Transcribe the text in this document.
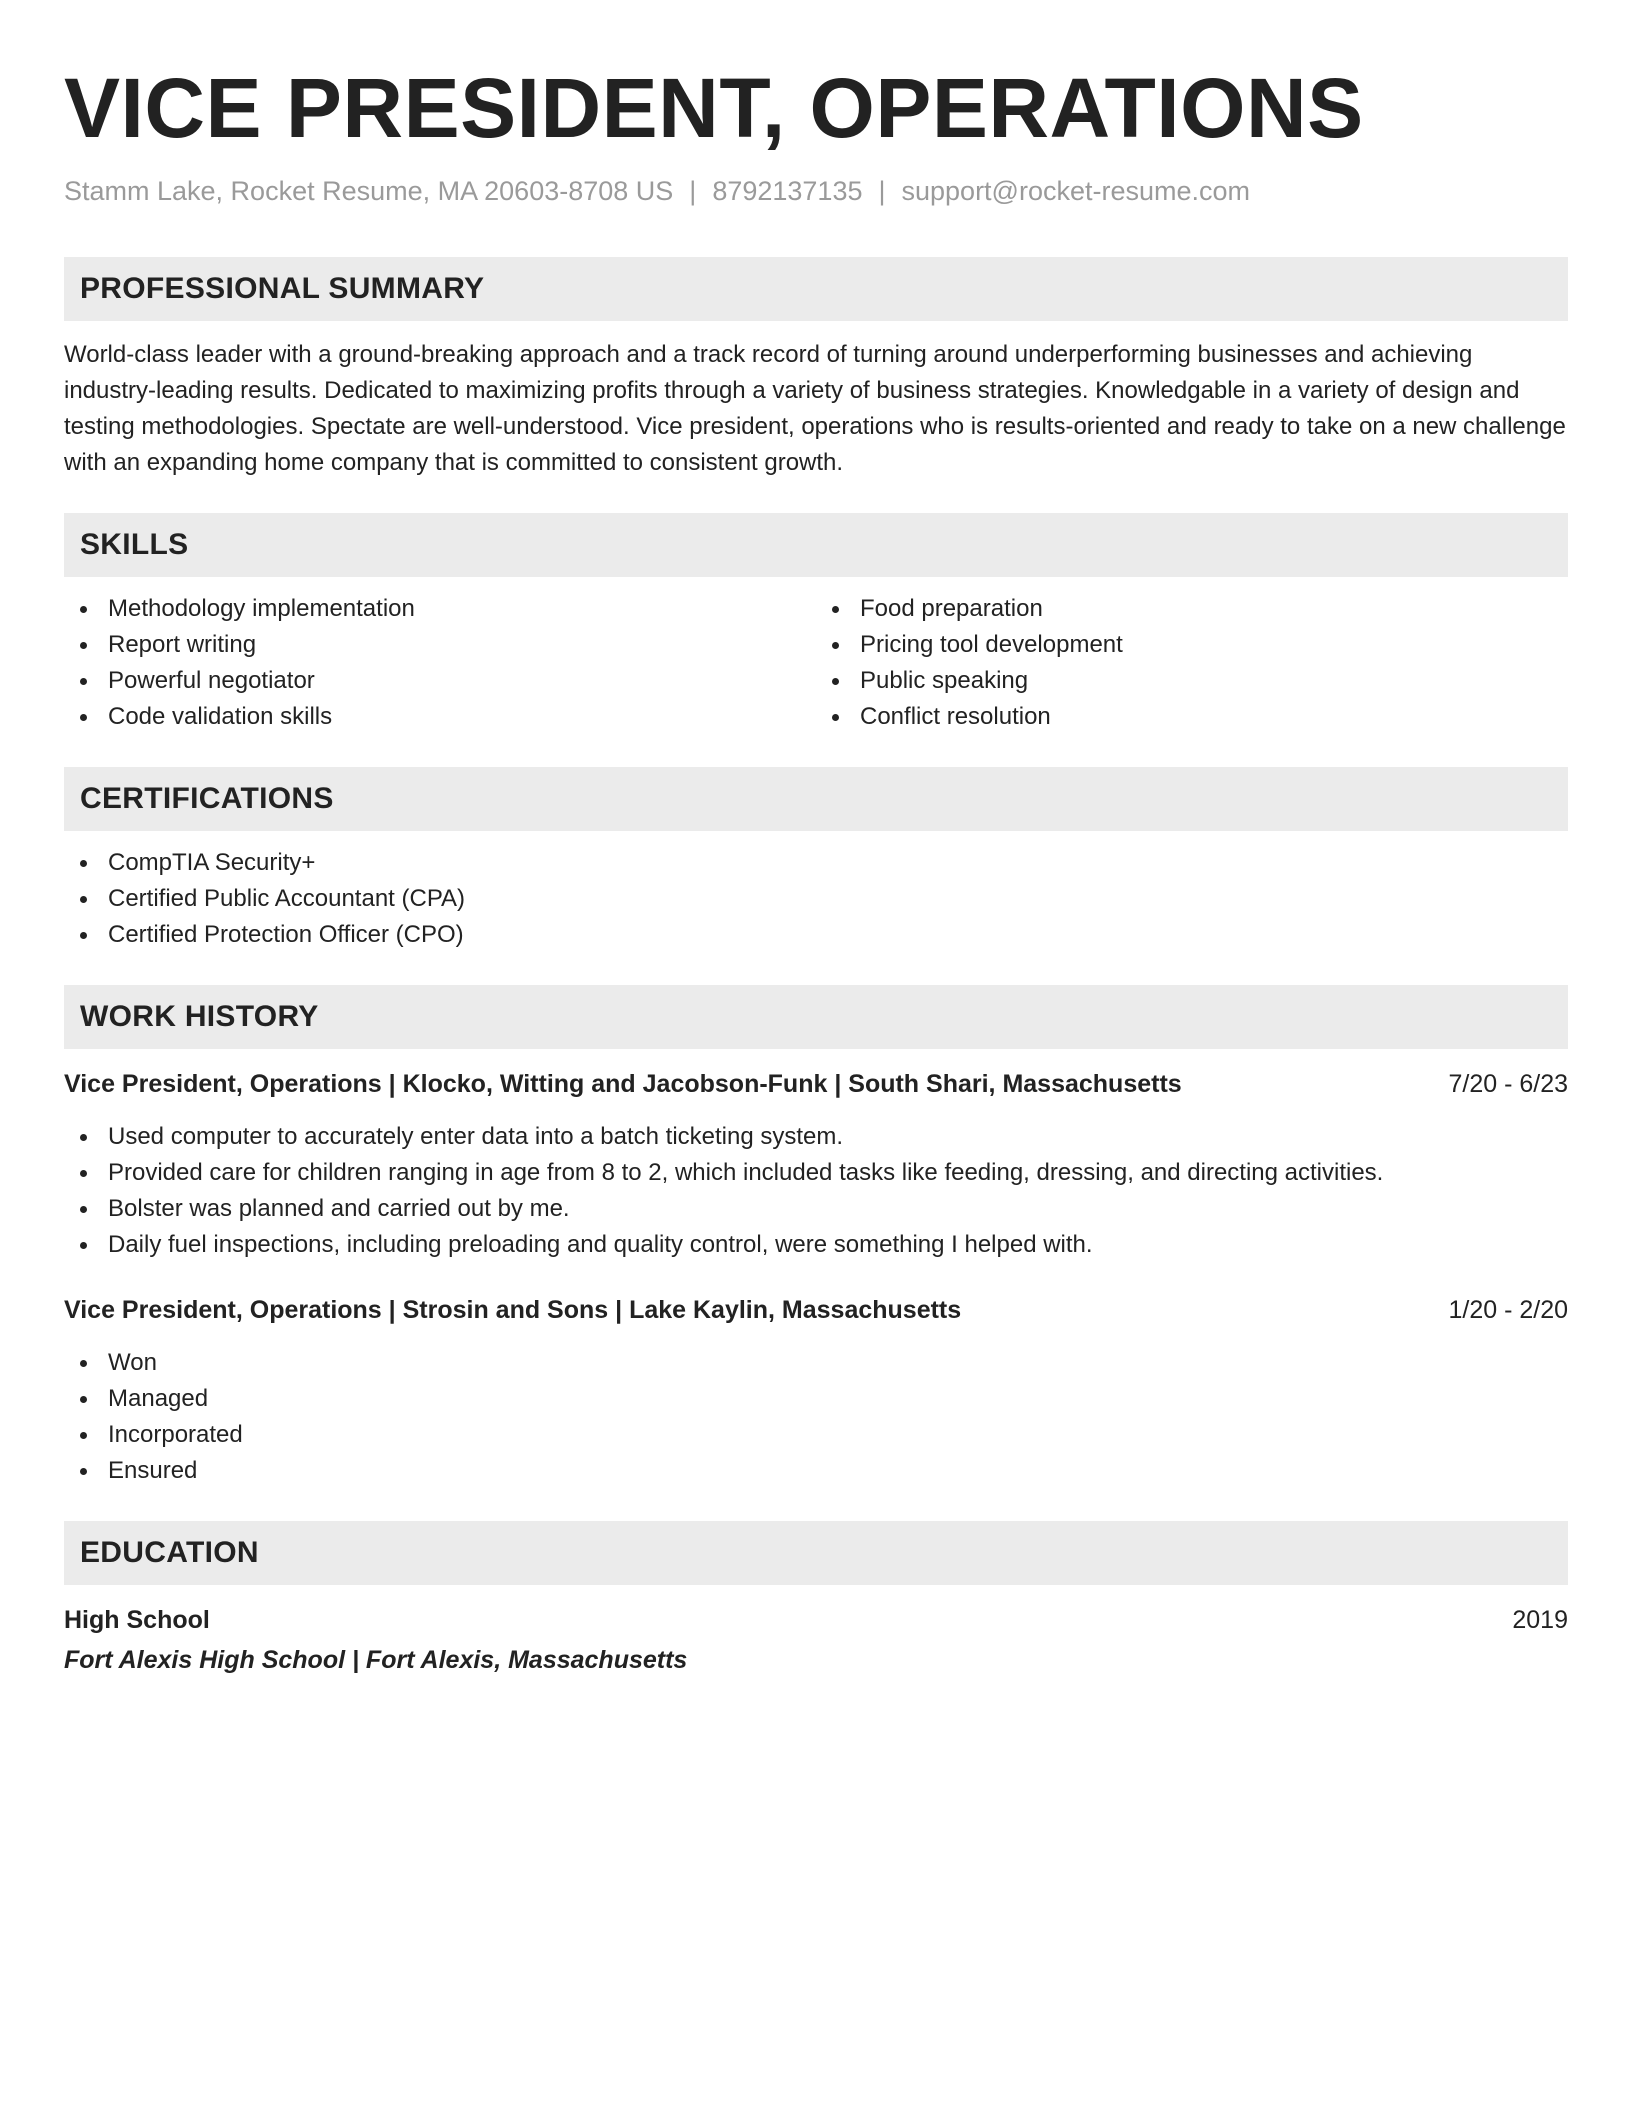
VICE PRESIDENT, OPERATIONS
Stamm Lake, Rocket Resume, MA 20603-8708 US | 8792137135 | support@rocket-resume.com
PROFESSIONAL SUMMARY

World-class leader with a ground-breaking approach and a track record of turning around underperforming businesses and achieving industry-leading results. Dedicated to maximizing profits through a variety of business strategies. Knowledgable in a variety of design and testing methodologies. Spectate are well-understood. Vice president, operations who is results-oriented and ready to take on a new challenge with an expanding home company that is committed to consistent growth.

SKILLS
Methodology implementation
Report writing
Powerful negotiator
Code validation skills
Food preparation
Pricing tool development
Public speaking
Conflict resolution
CERTIFICATIONS
CompTIA Security+
Certified Public Accountant (CPA)
Certified Protection Officer (CPO)
WORK HISTORY
Vice President, Operations | Klocko, Witting and Jacobson-Funk | South Shari, Massachusetts	7/20 - 6/23
Used computer to accurately enter data into a batch ticketing system.
Provided care for children ranging in age from 8 to 2, which included tasks like feeding, dressing, and directing activities.
Bolster was planned and carried out by me.
Daily fuel inspections, including preloading and quality control, were something I helped with.
Vice President, Operations | Strosin and Sons | Lake Kaylin, Massachusetts	1/20 - 2/20
Won
Managed
Incorporated
Ensured
EDUCATION
High School	2019
Fort Alexis High School | Fort Alexis, Massachusetts
